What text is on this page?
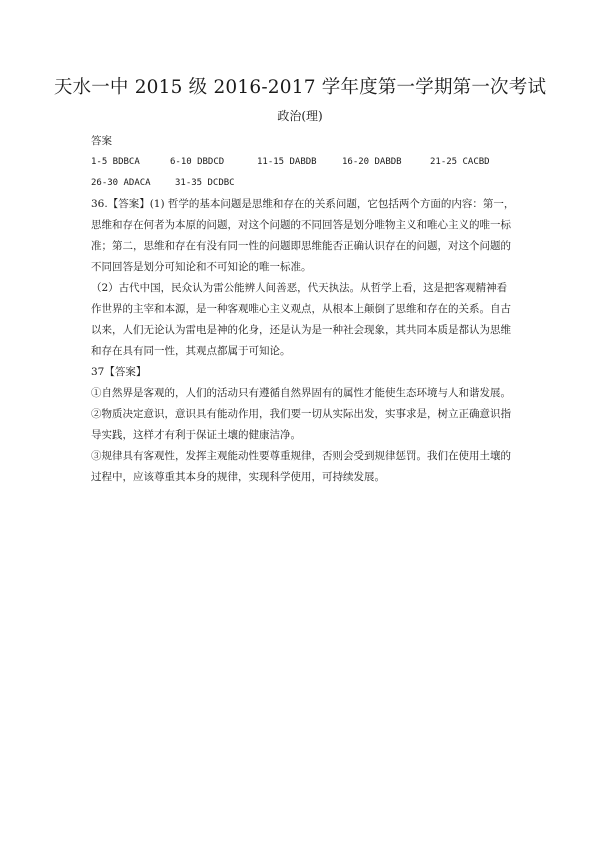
天水一中 2015 级 2016-2017 学年度第一学期第一次考试
政治(理)
答案
1-5 BDBCA	6-10 DBDCD	11-15 DABDB	16-20 DABDB	21-25 CACBD
26-30 ADACA	31-35 DCDBC
36.【答案】(1) 哲学的基本问题是思维和存在的关系问题，它包括两个方面的内容：第一，
思维和存在何者为本原的问题，对这个问题的不同回答是划分唯物主义和唯心主义的唯一标
准；第二，思维和存在有没有同一性的问题即思维能否正确认识存在的问题，对这个问题的
不同回答是划分可知论和不可知论的唯一标准。
（2）古代中国，民众认为雷公能辨人间善恶，代天执法。从哲学上看，这是把客观精神看
作世界的主宰和本源，是一种客观唯心主义观点，从根本上颠倒了思维和存在的关系。自古
以来，人们无论认为雷电是神的化身，还是认为是一种社会现象，其共同本质是都认为思维
和存在具有同一性，其观点都属于可知论。
37【答案】
①自然界是客观的，人们的活动只有遵循自然界固有的属性才能使生态环境与人和谐发展。
②物质决定意识，意识具有能动作用，我们要一切从实际出发，实事求是，树立正确意识指
导实践，这样才有利于保证土壤的健康洁净。
③规律具有客观性，发挥主观能动性要尊重规律，否则会受到规律惩罚。我们在使用土壤的
过程中，应该尊重其本身的规律，实现科学使用，可持续发展。
